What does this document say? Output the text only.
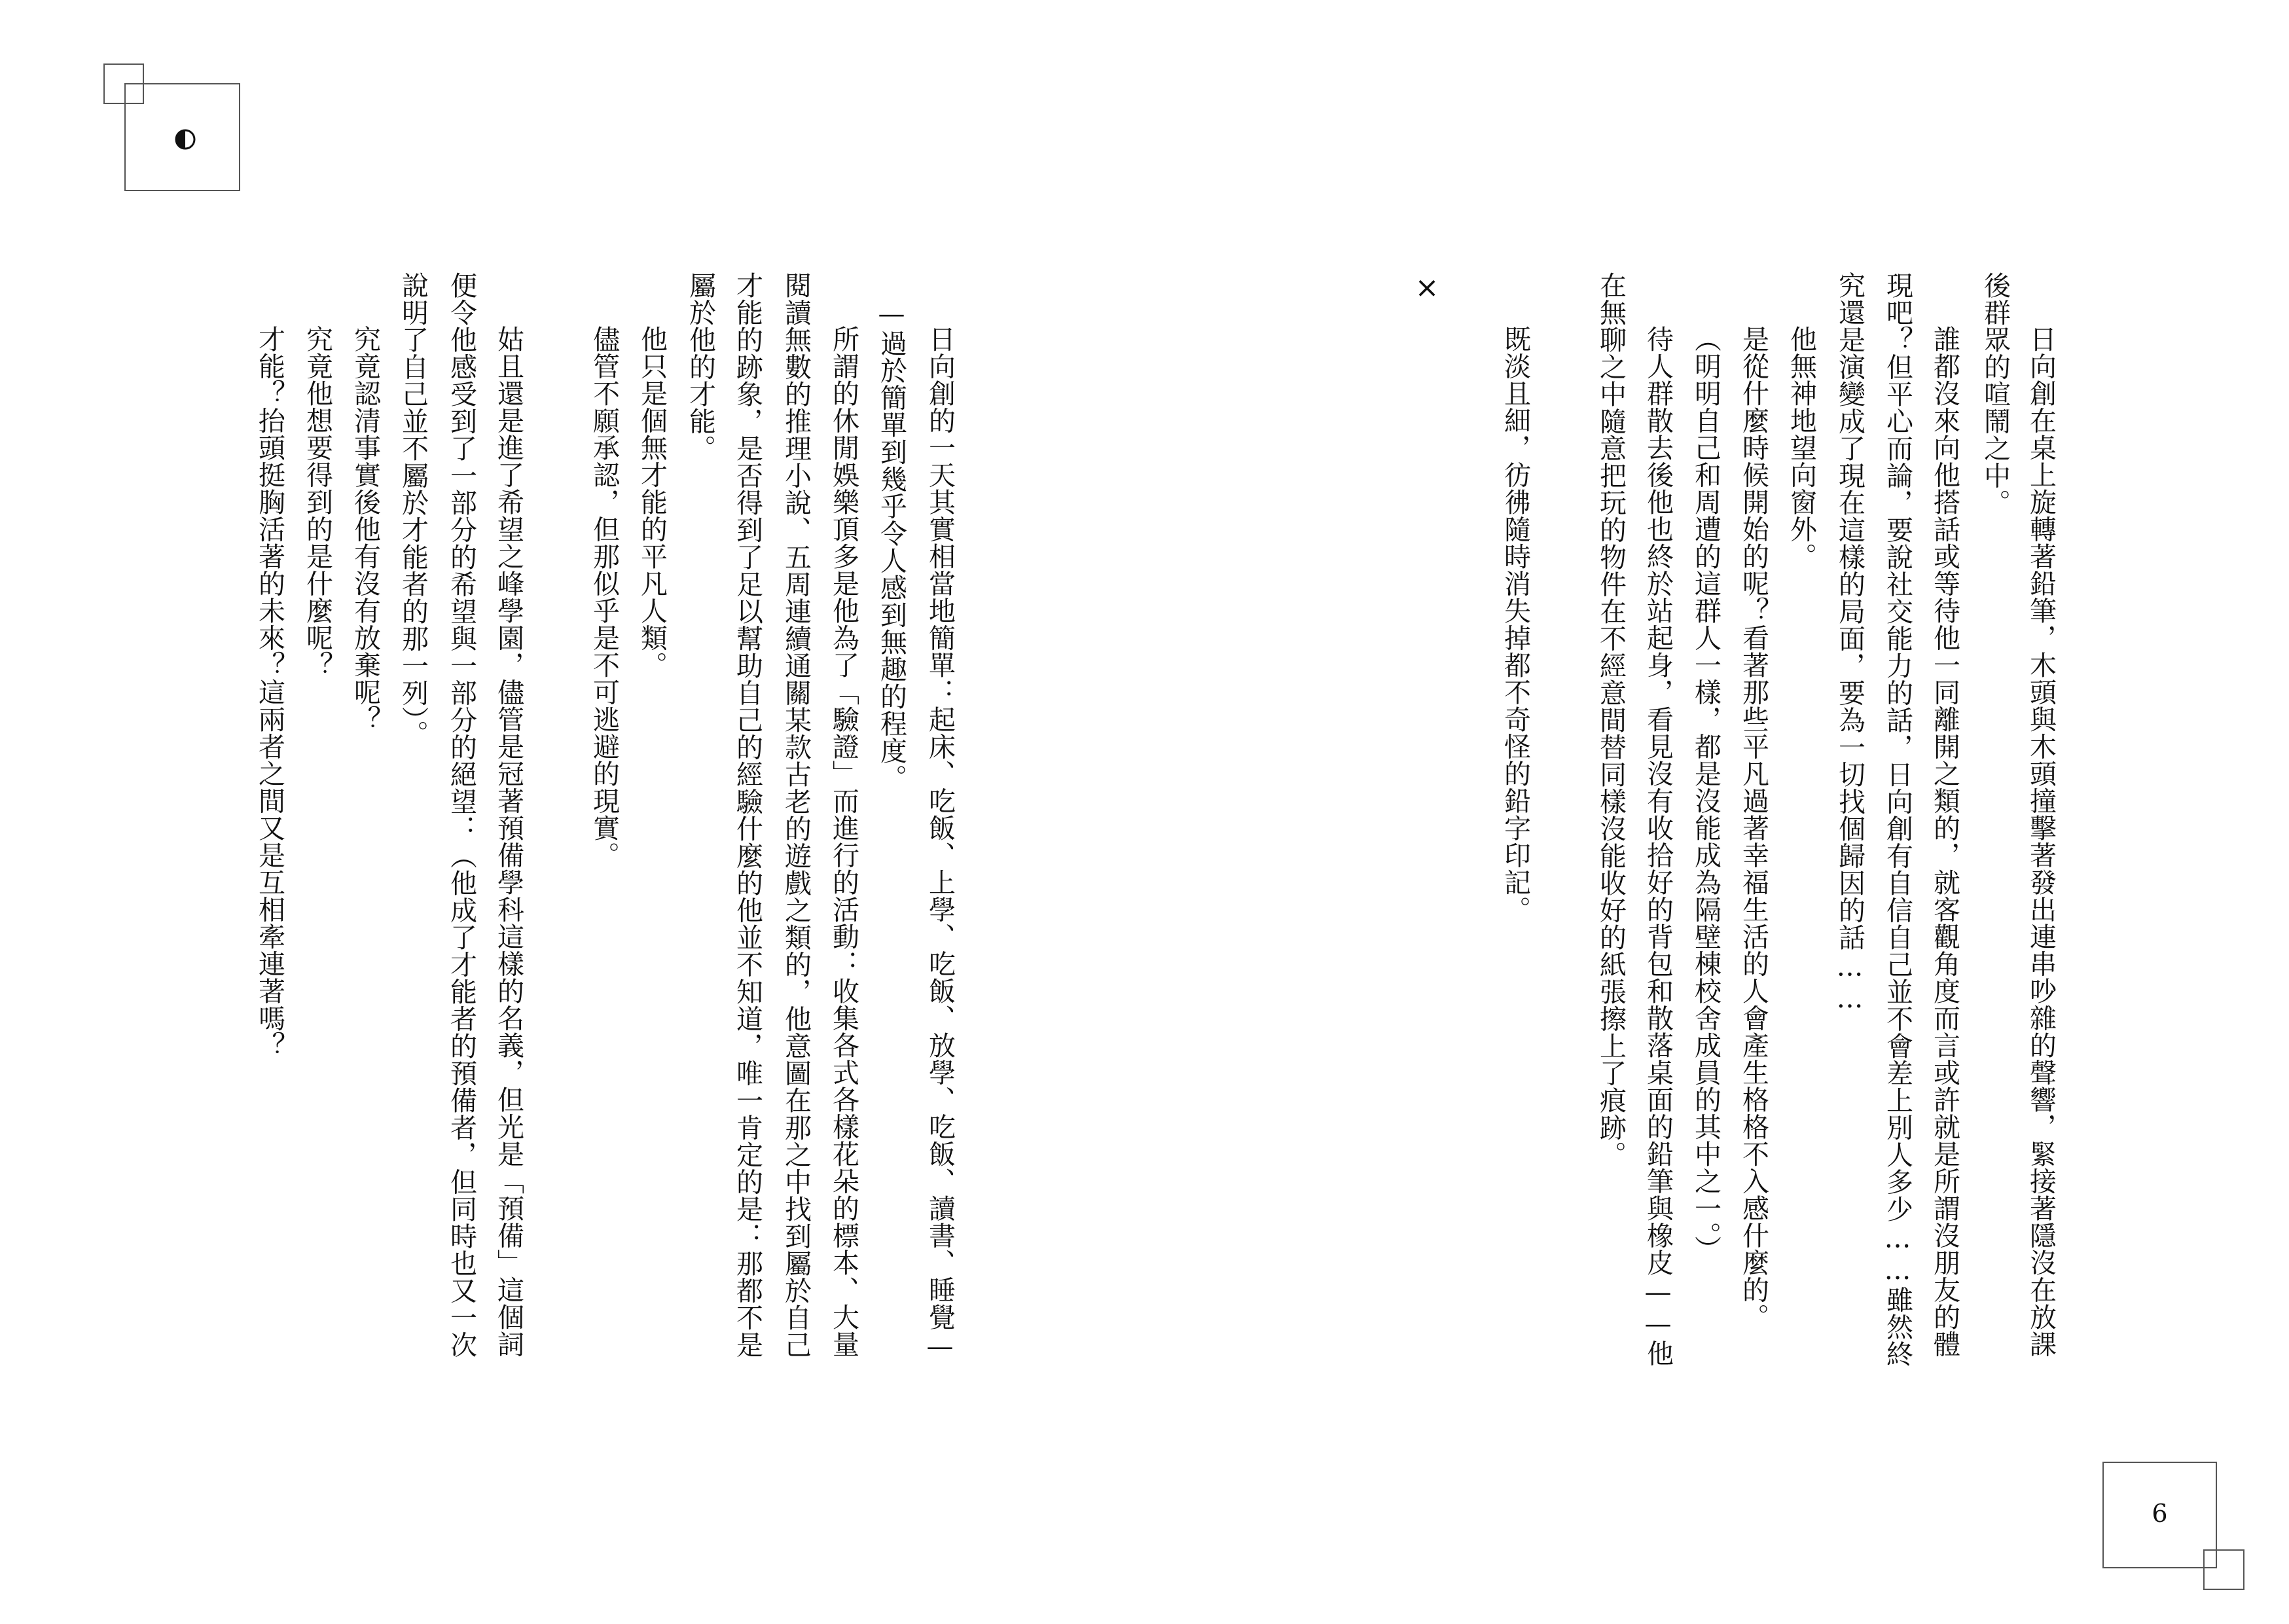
6
×
日向創在桌上旋轉著鉛筆，木頭與木頭撞擊著發出連串吵雜的聲響，緊接著隱沒在放課
後群眾的喧鬧之中。
誰都沒來向他搭話或等待他一同離開之類的，就客觀角度而言或許就是所謂沒朋友的體
現吧？但平心而論，要說社交能力的話，日向創有自信自己並不會差上別人多少……雖然終
究還是演變成了現在這樣的局面，要為一切找個歸因的話……
他無神地望向窗外。
是從什麼時候開始的呢？看著那些平凡過著幸福生活的人會產生格格不入感什麼的。
（明明自己和周遭的這群人一樣，都是沒能成為隔壁棟校舍成員的其中之一。）
待人群散去後他也終於站起身，看見沒有收拾好的背包和散落桌面的鉛筆與橡皮——他
在無聊之中隨意把玩的物件在不經意間替同樣沒能收好的紙張擦上了痕跡。
既淡且細，彷彿隨時消失掉都不奇怪的鉛字印記。
日向創的一天其實相當地簡單：起床、吃飯、上學、吃飯、放學、吃飯、讀書、睡覺—
—過於簡單到幾乎令人感到無趣的程度。
所謂的休閒娛樂頂多是他為了「驗證」而進行的活動：收集各式各樣花朵的標本、大量
閱讀無數的推理小說、五周連續通關某款古老的遊戲之類的，他意圖在那之中找到屬於自己
才能的跡象，是否得到了足以幫助自己的經驗什麼的他並不知道，唯一肯定的是：那都不是
屬於他的才能。
他只是個無才能的平凡人類。
儘管不願承認，但那似乎是不可逃避的現實。
姑且還是進了希望之峰學園，儘管是冠著預備學科這樣的名義，但光是「預備」這個詞
便令他感受到了一部分的希望與一部分的絕望：（他成了才能者的預備者，但同時也又一次
說明了自己並不屬於才能者的那一列）。
究竟認清事實後他有沒有放棄呢？
究竟他想要得到的是什麼呢？
才能？抬頭挺胸活著的未來？這兩者之間又是互相牽連著嗎？
